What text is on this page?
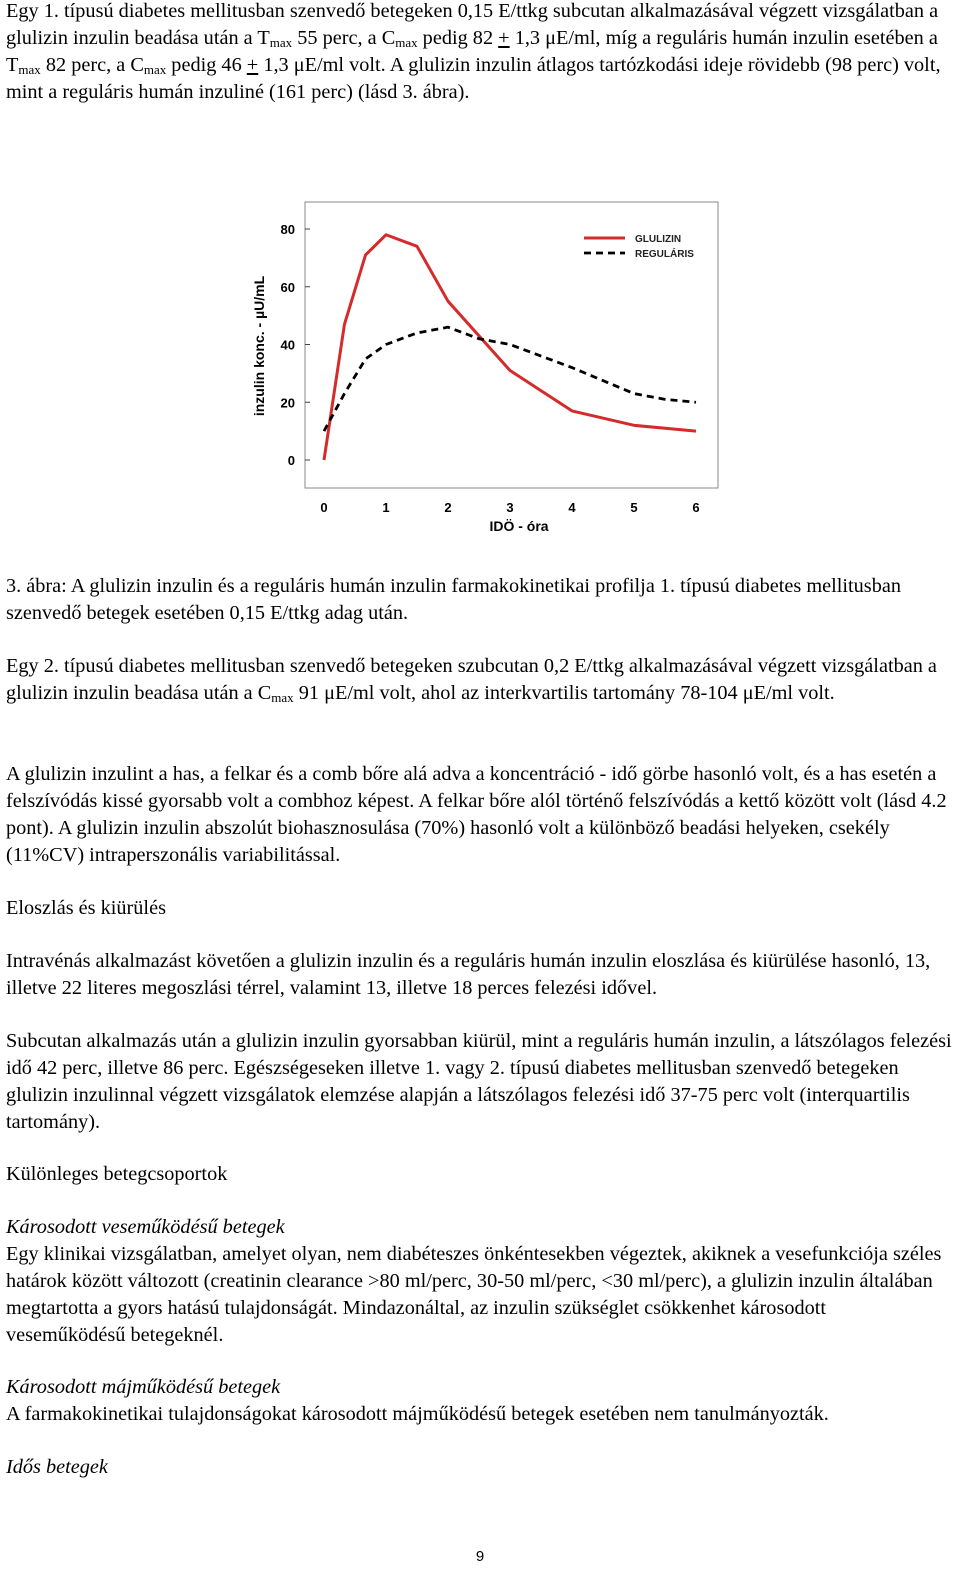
Egy 1. típusú diabetes mellitusban szenvedő betegeken 0,15 E/ttkg subcutan alkalmazásával végzett vizsgálatban a glulizin inzulin beadása után a $T_{max}$ 55 perc, a $C_{max}$ pedig 82 + 1,3 μE/ml, míg a reguláris humán inzulin esetében a $T_{max}$ 82 perc, a $C_{max}$ pedig 46 + 1,3 μE/ml volt. A glulizin inzulin átlagos tartózkodási ideje rövidebb (98 perc) volt, mint a reguláris humán inzuliné (161 perc) (lásd 3. ábra).

inzulin konc. - µU/mL
IDÖ - óra
0
20
40
60
80
0	1	2	3	4	5	6
GLULIZIN
REGULÁRIS

3. ábra: A glulizin inzulin és a reguláris humán inzulin farmakokinetikai profilja 1. típusú diabetes mellitusban szenvedő betegek esetében 0,15 E/ttkg adag után.

Egy 2. típusú diabetes mellitusban szenvedő betegeken szubcutan 0,2 E/ttkg alkalmazásával végzett vizsgálatban a glulizin inzulin beadása után a $C_{max}$ 91 μE/ml volt, ahol az interkvartilis tartomány 78-104 μE/ml volt.

A glulizin inzulint a has, a felkar és a comb bőre alá adva a koncentráció - idő görbe hasonló volt, és a has esetén a felszívódás kissé gyorsabb volt a combhoz képest. A felkar bőre alól történő felszívódás a kettő között volt (lásd 4.2 pont). A glulizin inzulin abszolút biohasznosulása (70%) hasonló volt a különböző beadási helyeken, csekély (11%CV) intraperszonális variabilitással.

Eloszlás és kiürülés

Intravénás alkalmazást követően a glulizin inzulin és a reguláris humán inzulin eloszlása és kiürülése hasonló, 13, illetve 22 literes megoszlási térrel, valamint 13, illetve 18 perces felezési idővel.

Subcutan alkalmazás után a glulizin inzulin gyorsabban kiürül, mint a reguláris humán inzulin, a látszólagos felezési idő 42 perc, illetve 86 perc. Egészségeseken illetve 1. vagy 2. típusú diabetes mellitusban szenvedő betegeken glulizin inzulinnal végzett vizsgálatok elemzése alapján a látszólagos felezési idő 37-75 perc volt (interquartilis tartomány).

Különleges betegcsoportok

Károsodott veseműködésű betegek

Egy klinikai vizsgálatban, amelyet olyan, nem diabéteszes önkéntesekben végeztek, akiknek a vesefunkciója széles határok között változott (creatinin clearance >80 ml/perc, 30-50 ml/perc, <30 ml/perc), a glulizin inzulin általában megtartotta a gyors hatású tulajdonságát. Mindazonáltal, az inzulin szükséglet csökkenhet károsodott veseműködésű betegeknél.

Károsodott májműködésű betegek

A farmakokinetikai tulajdonságokat károsodott májműködésű betegek esetében nem tanulmányozták.

Idős betegek

9
